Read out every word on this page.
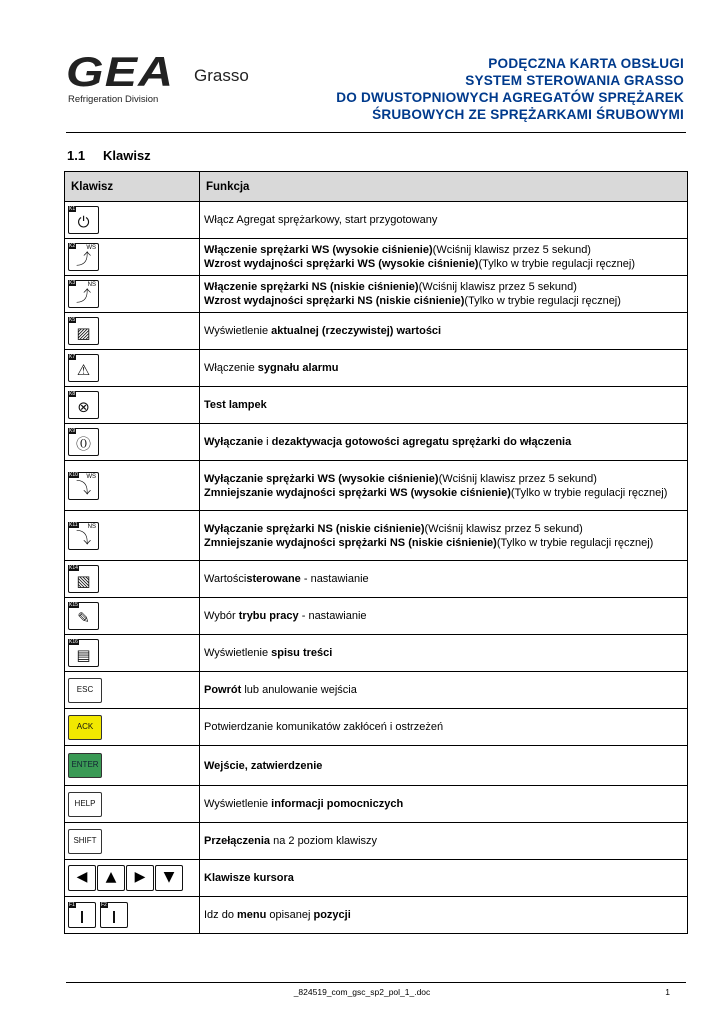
GEA Grasso
Refrigeration Division
PODĘCZNA KARTA OBSŁUGI
SYSTEM STEROWANIA GRASSO
DO DWUSTOPNIOWYCH AGREGATÓW SPRĘŻAREK
ŚRUBOWYCH ZE SPRĘŻARKAMI ŚRUBOWYMI
1.1 Klawisz
Klawisz	Funkcja

K1
⏻	Włącz Agregat sprężarkowy, start przygotowany

K2 WS
⤴	Włączenie sprężarki WS (wysokie ciśnienie)(Wciśnij klawisz przez 5 sekund)
Wzrost wydajności sprężarki WS (wysokie ciśnienie)(Tylko w trybie regulacji ręcznej)

K3 NS
⤴	Włączenie sprężarki NS (niskie ciśnienie)(Wciśnij klawisz przez 5 sekund)
Wzrost wydajności sprężarki NS (niskie ciśnienie)(Tylko w trybie regulacji ręcznej)

K5
▨	Wyświetlenie aktualnej (rzeczywistej) wartości

K7
⚠	Włączenie sygnału alarmu

K8
⊗	Test lampek

K9
⓪	Wyłączanie i dezaktywacja gotowości agregatu sprężarki do włączenia

K10 WS
⤵	Wyłączanie sprężarki WS (wysokie ciśnienie)(Wciśnij klawisz przez 5 sekund)
Zmniejszanie wydajności sprężarki WS (wysokie ciśnienie)(Tylko w trybie regulacji ręcznej)

K11 NS
⤵	Wyłączanie sprężarki NS (niskie ciśnienie)(Wciśnij klawisz przez 5 sekund)
Zmniejszanie wydajności sprężarki NS (niskie ciśnienie)(Tylko w trybie regulacji ręcznej)

K14
▧	Wartościsterowane - nastawianie

K15
✎	Wybór trybu pracy - nastawianie

K16
▤	Wyświetlenie spisu treści
ESC	Powrót lub anulowanie wejścia
ACK	Potwierdzanie komunikatów zakłóceń i ostrzeżeń
ENTER	Wejście, zatwierdzenie
HELP	Wyświetlenie informacji pomocniczych
SHIFT	Przełączenia na 2 poziom klawiszy
◀ ▲ ▶ ▼	Klawisze kursora

F1 F2	Idz do menu opisanej pozycji
_824519_com_gsc_sp2_pol_1_.doc	1
